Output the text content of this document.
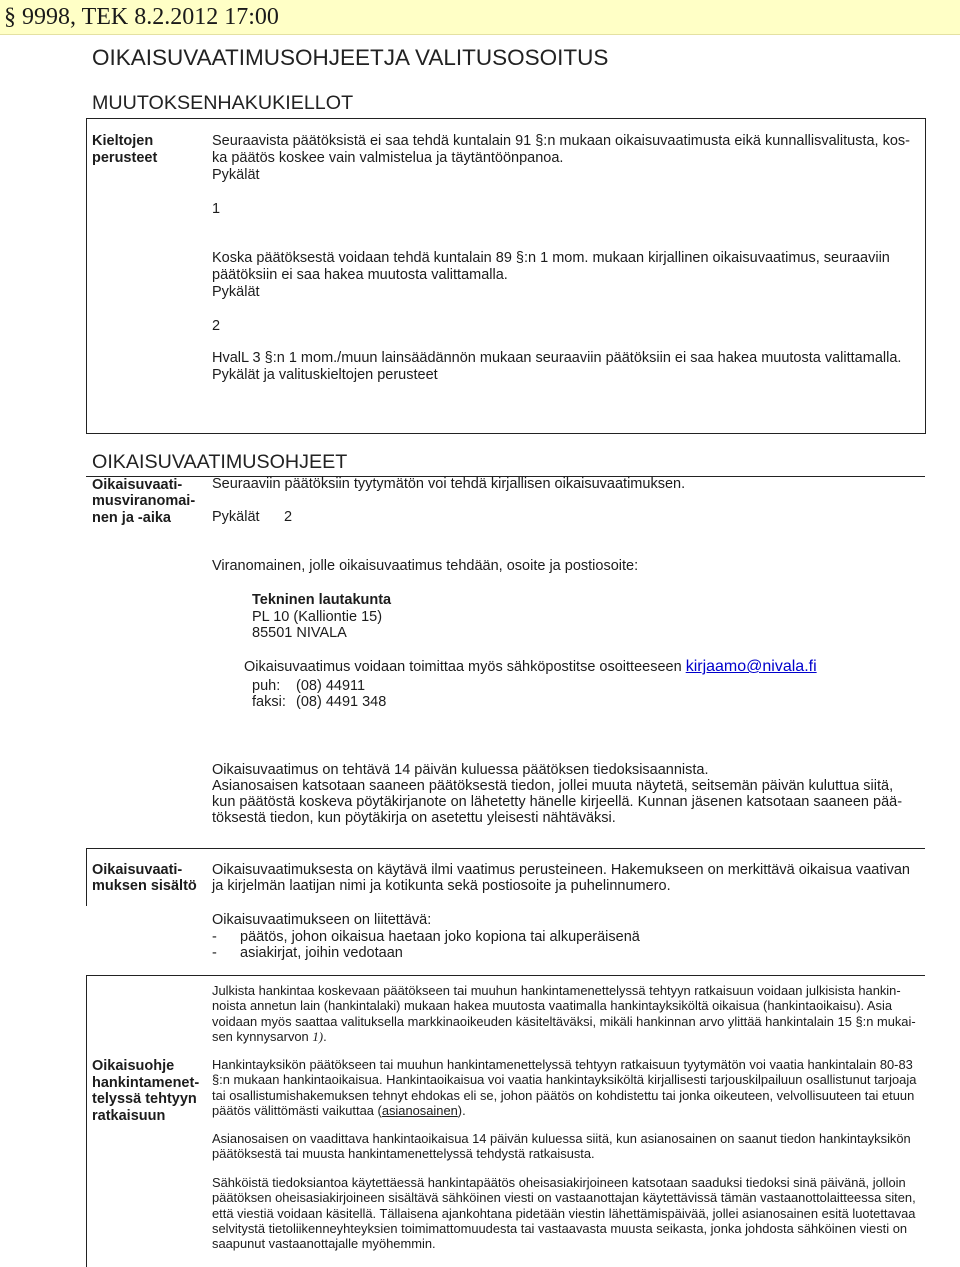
§ 9998, TEK 8.2.2012 17:00
OIKAISUVAATIMUSOHJEETJA VALITUSOSOITUS
MUUTOKSENHAKUKIELLOT
Kieltojen
perusteet
Seuraavista päätöksistä ei saa tehdä kuntalain 91 §:n mukaan oikaisuvaatimusta eikä kunnallisvalitusta, kos-
ka päätös koskee vain valmistelua ja täytäntöönpanoa.
Pykälät
1
Koska päätöksestä voidaan tehdä kuntalain 89 §:n 1 mom. mukaan kirjallinen oikaisuvaatimus, seuraaviin
päätöksiin ei saa hakea muutosta valittamalla.
Pykälät
2
HvalL 3 §:n 1 mom./muun lainsäädännön mukaan seuraaviin päätöksiin ei saa hakea muutosta valittamalla.
Pykälät ja valituskieltojen perusteet
OIKAISUVAATIMUSOHJEET
Oikaisuvaati-
musviranomai-
nen ja -aika
Seuraaviin päätöksiin tyytymätön voi tehdä kirjallisen oikaisuvaatimuksen.
Pykälät 2
Viranomainen, jolle oikaisuvaatimus tehdään, osoite ja postiosoite:
Tekninen lautakunta
PL 10 (Kalliontie 15)
85501 NIVALA
Oikaisuvaatimus voidaan toimittaa myös sähköpostitse osoitteeseen kirjaamo@nivala.fi
puh: (08) 44911
faksi: (08) 4491 348
Oikaisuvaatimus on tehtävä 14 päivän kuluessa päätöksen tiedoksisaannista.
Asianosaisen katsotaan saaneen päätöksestä tiedon, jollei muuta näytetä, seitsemän päivän kuluttua siitä,
kun päätöstä koskeva pöytäkirjanote on lähetetty hänelle kirjeellä. Kunnan jäsenen katsotaan saaneen pää-
töksestä tiedon, kun pöytäkirja on asetettu yleisesti nähtäväksi.
Oikaisuvaati-
muksen sisältö
Oikaisuvaatimuksesta on käytävä ilmi vaatimus perusteineen. Hakemukseen on merkittävä oikaisua vaativan
ja kirjelmän laatijan nimi ja kotikunta sekä postiosoite ja puhelinnumero.
Oikaisuvaatimukseen on liitettävä:
- päätös, johon oikaisua haetaan joko kopiona tai alkuperäisenä
- asiakirjat, joihin vedotaan
Oikaisuohje
hankintamenet-
telyssä tehtyyn
ratkaisuun
Julkista hankintaa koskevaan päätökseen tai muuhun hankintamenettelyssä tehtyyn ratkaisuun voidaan julkisista hankin-
noista annetun lain (hankintalaki) mukaan hakea muutosta vaatimalla hankintayksiköltä oikaisua (hankintaoikaisu). Asia
voidaan myös saattaa valituksella markkinaoikeuden käsiteltäväksi, mikäli hankinnan arvo ylittää hankintalain 15 §:n mukai-
sen kynnysarvon 1).
Hankintayksikön päätökseen tai muuhun hankintamenettelyssä tehtyyn ratkaisuun tyytymätön voi vaatia hankintalain 80-83
§:n mukaan hankintaoikaisua. Hankintaoikaisua voi vaatia hankintayksiköltä kirjallisesti tarjouskilpailuun osallistunut tarjoaja
tai osallistumishakemuksen tehnyt ehdokas eli se, johon päätös on kohdistettu tai jonka oikeuteen, velvollisuuteen tai etuun
päätös välittömästi vaikuttaa (asianosainen).
Asianosaisen on vaadittava hankintaoikaisua 14 päivän kuluessa siitä, kun asianosainen on saanut tiedon hankintayksikön
päätöksestä tai muusta hankintamenettelyssä tehdystä ratkaisusta.
Sähköistä tiedoksiantoa käytettäessä hankintapäätös oheisasiakirjoineen katsotaan saaduksi tiedoksi sinä päivänä, jolloin
päätöksen oheisasiakirjoineen sisältävä sähköinen viesti on vastaanottajan käytettävissä tämän vastaanottolaitteessa siten,
että viestiä voidaan käsitellä. Tällaisena ajankohtana pidetään viestin lähettämispäivää, jollei asianosainen esitä luotettavaa
selvitystä tietoliikenneyhteyksien toimimattomuudesta tai vastaavasta muusta seikasta, jonka johdosta sähköinen viesti on
saapunut vastaanottajalle myöhemmin.
